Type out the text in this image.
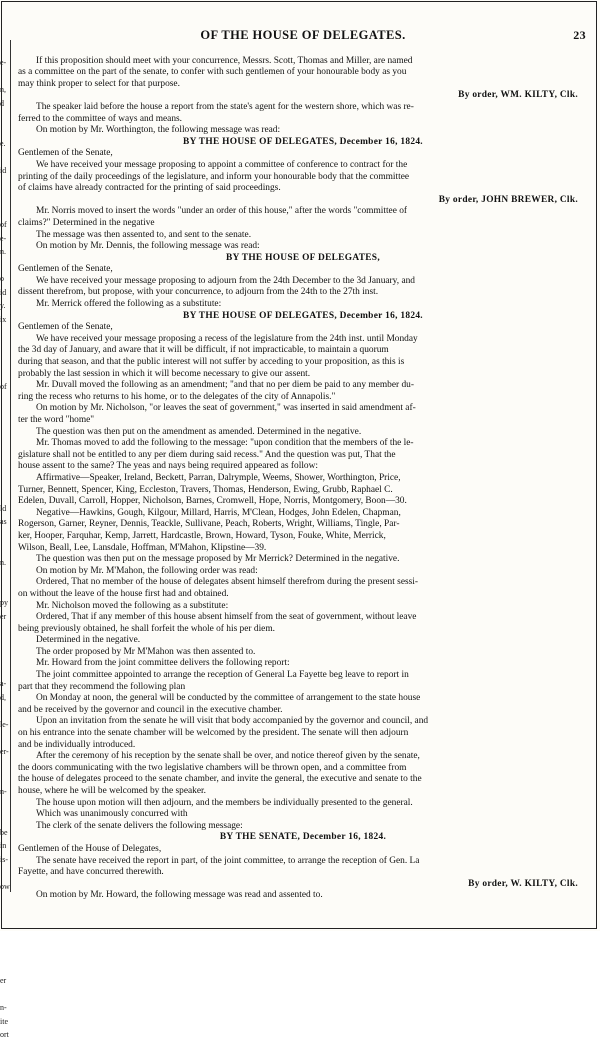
e-
n,
d
e.
id
of
e-
n.
o
id
y.
ix
of
ld
as
n.
py
er
a-
d,
le-
er-
n-
be
in
is-
ow
er
n-
ite
ort
OF THE HOUSE OF DELEGATES.	23
If this proposition should meet with your concurrence, Messrs. Scott, Thomas and Miller, are named
as a committee on the part of the senate, to confer with such gentlemen of your honourable body as you
may think proper to select for that purpose.
By order, WM. KILTY, Clk.
The speaker laid before the house a report from the state's agent for the western shore, which was re-
ferred to the committee of ways and means.
On motion by Mr. Worthington, the following message was read:
BY THE HOUSE OF DELEGATES, December 16, 1824.
Gentlemen of the Senate,
We have received your message proposing to appoint a committee of conference to contract for the
printing of the daily proceedings of the legislature, and inform your honourable body that the committee
of claims have already contracted for the printing of said proceedings.
By order, JOHN BREWER, Clk.
Mr. Norris moved to insert the words "under an order of this house," after the words "committee of
claims?" Determined in the negative
The message was then assented to, and sent to the senate.
On motion by Mr. Dennis, the following message was read:
BY THE HOUSE OF DELEGATES,
Gentlemen of the Senate,
We have received your message proposing to adjourn from the 24th December to the 3d January, and
dissent therefrom, but propose, with your concurrence, to adjourn from the 24th to the 27th inst.
Mr. Merrick offered the following as a substitute:
BY THE HOUSE OF DELEGATES, December 16, 1824.
Gentlemen of the Senate,
We have received your message proposing a recess of the legislature from the 24th inst. until Monday
the 3d day of January, and aware that it will be difficult, if not impracticable, to maintain a quorum
during that season, and that the public interest will not suffer by acceding to your proposition, as this is
probably the last session in which it will become necessary to give our assent.
Mr. Duvall moved the following as an amendment; "and that no per diem be paid to any member du-
ring the recess who returns to his home, or to the delegates of the city of Annapolis."
On motion by Mr. Nicholson, "or leaves the seat of government," was inserted in said amendment af-
ter the word "home"
The question was then put on the amendment as amended. Determined in the negative.
Mr. Thomas moved to add the following to the message: "upon condition that the members of the le-
gislature shall not be entitled to any per diem during said recess." And the question was put, That the
house assent to the same? The yeas and nays being required appeared as follow:
Affirmative—Speaker, Ireland, Beckett, Parran, Dalrymple, Weems, Shower, Worthington, Price,
Turner, Bennett, Spencer, King, Eccleston, Travers, Thomas, Henderson, Ewing, Grubb, Raphael C.
Edelen, Duvall, Carroll, Hopper, Nicholson, Barnes, Cromwell, Hope, Norris, Montgomery, Boon—30.
Negative—Hawkins, Gough, Kilgour, Millard, Harris, M'Clean, Hodges, John Edelen, Chapman,
Rogerson, Garner, Reyner, Dennis, Teackle, Sullivane, Peach, Roberts, Wright, Williams, Tingle, Par-
ker, Hooper, Farquhar, Kemp, Jarrett, Hardcastle, Brown, Howard, Tyson, Fouke, White, Merrick,
Wilson, Beall, Lee, Lansdale, Hoffman, M'Mahon, Klipstine—39.
The question was then put on the message proposed by Mr Merrick? Determined in the negative.
On motion by Mr. M'Mahon, the following order was read:
Ordered, That no member of the house of delegates absent himself therefrom during the present sessi-
on without the leave of the house first had and obtained.
Mr. Nicholson moved the following as a substitute:
Ordered, That if any member of this house absent himself from the seat of government, without leave
being previously obtained, he shall forfeit the whole of his per diem.
Determined in the negative.
The order proposed by Mr M'Mahon was then assented to.
Mr. Howard from the joint committee delivers the following report:
The joint committee appointed to arrange the reception of General La Fayette beg leave to report in
part that they recommend the following plan
On Monday at noon, the general will be conducted by the committee of arrangement to the state house
and be received by the governor and council in the executive chamber.
Upon an invitation from the senate he will visit that body accompanied by the governor and council, and
on his entrance into the senate chamber will be welcomed by the president. The senate will then adjourn
and be individually introduced.
After the ceremony of his reception by the senate shall be over, and notice thereof given by the senate,
the doors communicating with the two legislative chambers will be thrown open, and a committee from
the house of delegates proceed to the senate chamber, and invite the general, the executive and senate to the
house, where he will be welcomed by the speaker.
The house upon motion will then adjourn, and the members be individually presented to the general.
Which was unanimously concurred with
The clerk of the senate delivers the following message:
BY THE SENATE, December 16, 1824.
Gentlemen of the House of Delegates,
The senate have received the report in part, of the joint committee, to arrange the reception of Gen. La
Fayette, and have concurred therewith.
By order, W. KILTY, Clk.
On motion by Mr. Howard, the following message was read and assented to.
